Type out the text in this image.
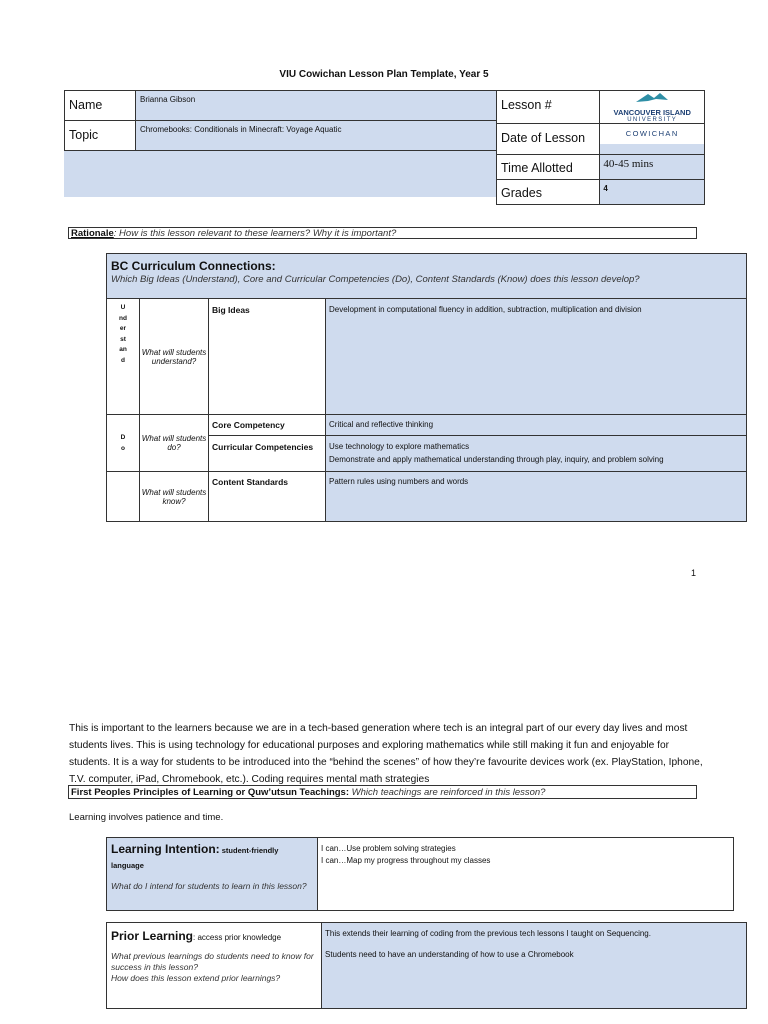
VIU Cowichan Lesson Plan Template, Year 5
Name	Brianna Gibson
Topic	Chromebooks: Conditionals in Minecraft: Voyage Aquatic
Lesson #	VANCOUVER ISLAND
UNIVERSITY

Date of Lesson	COWICHAN

Time Allotted	40-45 mins
Grades	4
Rationale: How is this lesson relevant to these learners? Why it is important?
BC Curriculum Connections:
Which Big Ideas (Understand), Core and Curricular Competencies (Do), Content Standards (Know) does this lesson develop?			

Understand	What will students understand?	Big Ideas	Development in computational fluency in addition, subtraction, multiplication and division

Do	What will students do?	Core Competency	Critical and reflective thinking
		Curricular Competencies	Use technology to explore mathematics
Demonstrate and apply mathematical understanding through play, inquiry, and problem solving

	What will students know?	Content Standards	Pattern rules using numbers and words
1
This is important to the learners because we are in a tech-based generation where tech is an integral part of our every day lives and most students lives. This is using technology for educational purposes and exploring mathematics while still making it fun and enjoyable for students. It is a way for students to be introduced into the “behind the scenes” of how they’re favourite devices work (ex. PlayStation, Iphone, T.V. computer, iPad, Chromebook, etc.). Coding requires mental math strategies
First Peoples Principles of Learning or Quw’utsun Teachings: Which teachings are reinforced in this lesson?
Learning involves patience and time.
Learning Intention: student-friendly language
What do I intend for students to learn in this lesson?

I can…Use problem solving strategies
I can…Map my progress throughout my classes
Prior Learning: access prior knowledge
What previous learnings do students need to know for success in this lesson?
How does this lesson extend prior learnings?

This extends their learning of coding from the previous tech lessons I taught on Sequencing.
Students need to have an understanding of how to use a Chromebook
